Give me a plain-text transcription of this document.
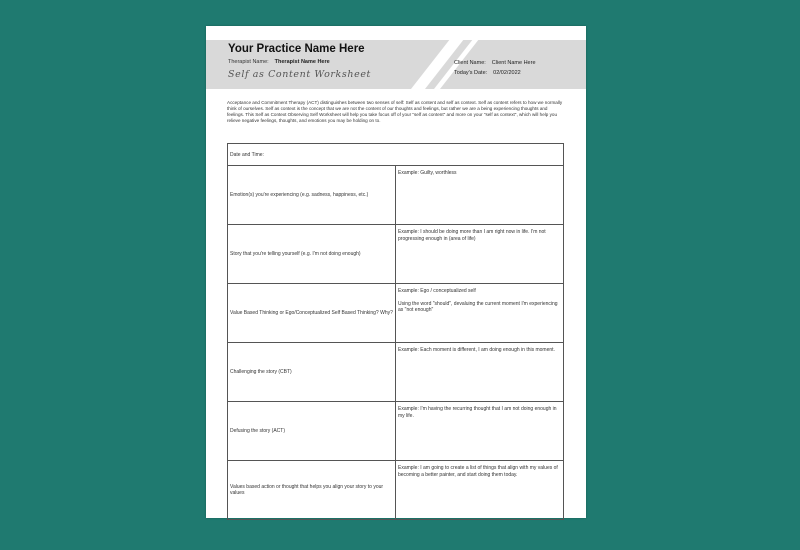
Your Practice Name Here
Therapist Name: Therapist Name Here
Self as Content Worksheet
Client Name: Client Name Here
Today's Date: 02/02/2022
Acceptance and Commitment Therapy (ACT) distinguishes between two senses of self: Self as content and self as context. Self as content refers to how we normally think of ourselves. Self as context is the concept that we are not the content of our thoughts and feelings, but rather we are a being experiencing thoughts and feelings. This Self as Context Observing Self Worksheet will help you take focus off of your "self as content" and more on your "self as context", which will help you relieve negative feelings, thoughts, and emotions you may be holding on to.
Date and Time:	
Emotion(s) you're experiencing (e.g. sadness, happiness, etc.)	Example: Guilty, worthless

Story that you're telling yourself (e.g. I'm not doing enough)	Example: I should be doing more than I am right now in life. I'm not progressing enough in (area of life)

Value Based Thinking or Ego/Conceptualized Self Based Thinking? Why?	Example: Ego / conceptualized self
Using the word "should", devaluing the current moment I'm experiencing as "not enough"

Challenging the story (CBT)	Example: Each moment is different, I am doing enough in this moment.

Defusing the story (ACT)	Example: I'm having the recurring thought that I am not doing enough in my life.

Values based action or thought that helps you align your story to your values	Example: I am going to create a list of things that align with my values of becoming a better painter, and start doing them today.
